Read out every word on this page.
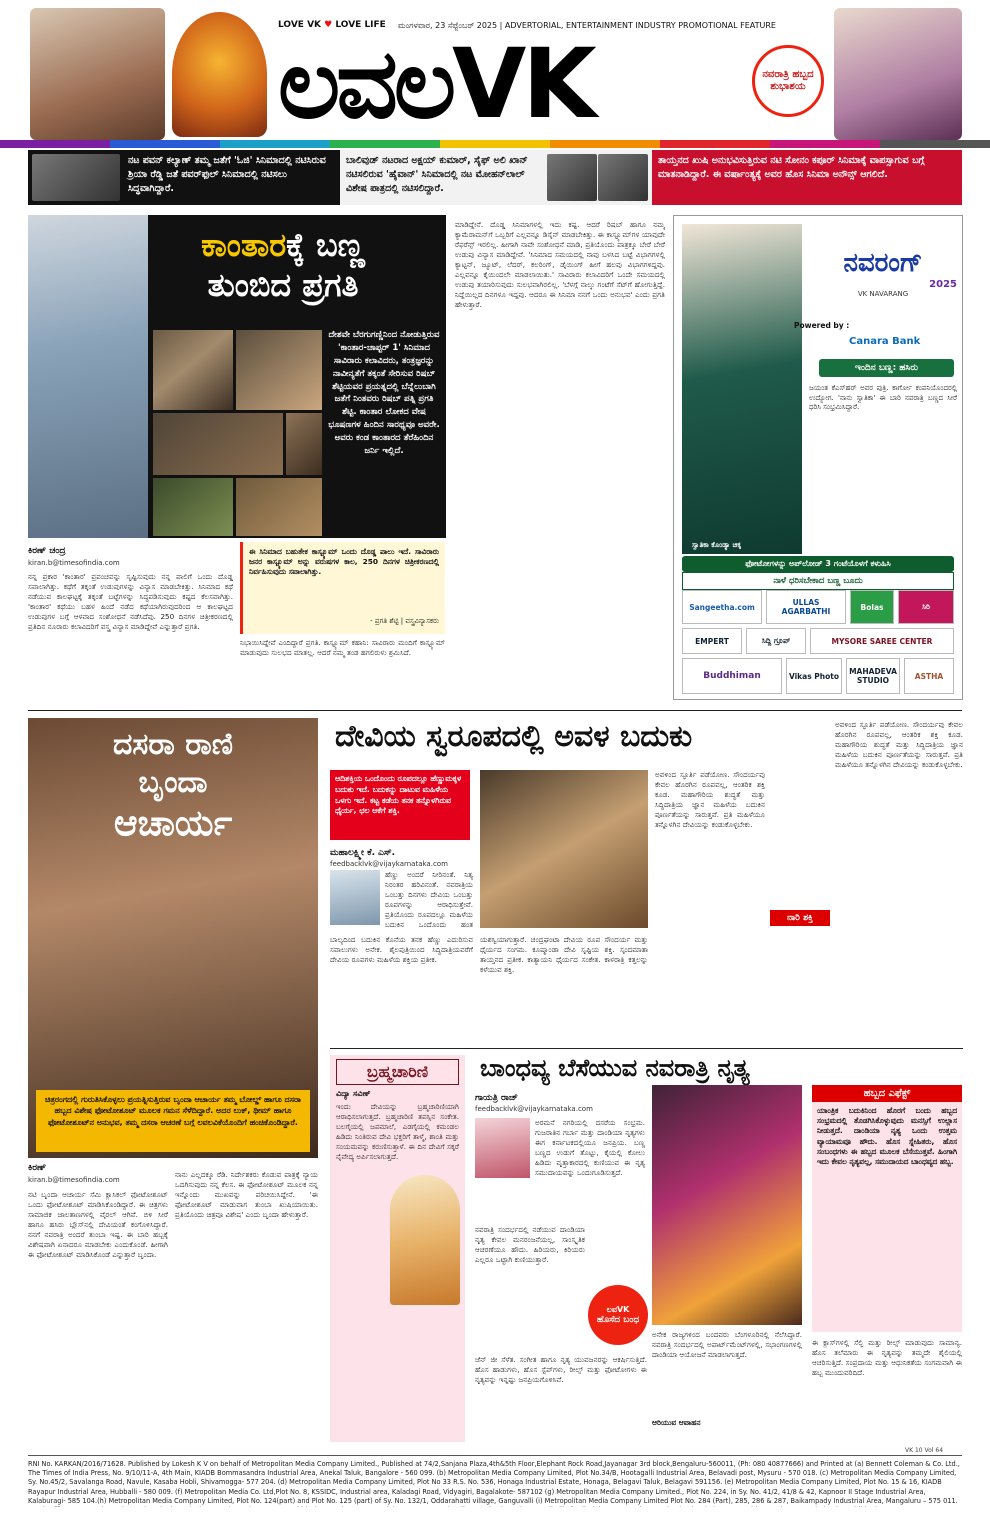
LOVE VK ♥ LOVE LIFE ಮಂಗಳವಾರ, 23 ಸೆಪ್ಟೆಂಬರ್ 2025 | ADVERTORIAL, ENTERTAINMENT INDUSTRY PROMOTIONAL FEATURE
ಲವಲVK	ನವರಾತ್ರಿ ಹಬ್ಬದ ಶುಭಾಶಯ
ನಟ ಪವನ್ ಕಲ್ಯಾಣ್ ತಮ್ಮ ಜತೆಗೆ 'ಓಜಿ' ಸಿನಿಮಾದಲ್ಲಿ ನಟಿಸಿರುವ ಶ್ರಿಯಾ ರೆಡ್ಡಿ ಜತೆ ಪವರ್‌ಫುಲ್ ಸಿನಿಮಾದಲ್ಲಿ ನಟಿಸಲು ಸಿದ್ಧವಾಗಿದ್ದಾರೆ.
ಬಾಲಿವುಡ್ ನಟರಾದ ಅಕ್ಷಯ್ ಕುಮಾರ್, ಸೈಫ್ ಅಲಿ ಖಾನ್ ನಟಿಸಲಿರುವ 'ಹೈವಾನ್' ಸಿನಿಮಾದಲ್ಲಿ ನಟ ಮೋಹನ್‌ಲಾಲ್ ವಿಶೇಷ ಪಾತ್ರದಲ್ಲಿ ನಟಿಸಲಿದ್ದಾರೆ.
ತಾಯ್ತನದ ಖುಷಿ ಅನುಭವಿಸುತ್ತಿರುವ ನಟಿ ಸೋನಂ ಕಪೂರ್ ಸಿನಿಮಾಕ್ಕೆ ವಾಪಸ್ಸಾಗುವ ಬಗ್ಗೆ ಮಾತನಾಡಿದ್ದಾರೆ. ಈ ವರ್ಷಾಂತ್ಯಕ್ಕೆ ಅವರ ಹೊಸ ಸಿನಿಮಾ ಅನೌನ್ಸ್ ಆಗಲಿದೆ.
ಕಾಂತಾರಕ್ಕೆ ಬಣ್ಣ
ತುಂಬಿದ ಪ್ರಗತಿ
ದೇಶವೇ ಬೆರಗುಗಣ್ಣಿನಿಂದ ನೋಡುತ್ತಿರುವ 'ಕಾಂತಾರ-ಚಾಪ್ಟರ್ 1' ಸಿನಿಮಾದ ಸಾವಿರಾರು ಕಲಾವಿದರು, ತಂತ್ರಜ್ಞರನ್ನು ನಾವೀನ್ಯತೆಗೆ ತಕ್ಕಂತೆ ಸೇರಿಸುವ ರಿಷಬ್ ಶೆಟ್ಟಿಯವರ ಪ್ರಯತ್ನದಲ್ಲಿ ಬೆನ್ನೆಲುಬಾಗಿ ಜತೆಗೆ ನಿಂತವರು ರಿಷಬ್ ಪತ್ನಿ ಪ್ರಗತಿ ಶೆಟ್ಟಿ. ಕಾಂತಾರ ಲೋಕದ ವೇಷ ಭೂಷಣಗಳ ಹಿಂದಿನ ಸಾರಥ್ಯವೂ ಅವರೇ. ಅವರು ಕಂಡ ಕಾಂತಾರದ ತೆರೆಹಿಂದಿನ ಜರ್ನಿ ಇಲ್ಲಿದೆ.
ಕಿರಣ್ ಚಂದ್ರ
kiran.b@timesofindia.com
ನನ್ನ ಪ್ರಕಾರ 'ಕಾಂತಾರ' ಪ್ರಪಂಚವನ್ನು ಸೃಷ್ಟಿಸುವುದು ನನ್ನ ಪಾಲಿಗೆ ಒಂದು ದೊಡ್ಡ ಸವಾಲಾಗಿತ್ತು. ಕಥೆಗೆ ತಕ್ಕಂತೆ ಉಡುಪುಗಳನ್ನು ವಿನ್ಯಾಸ ಮಾಡಬೇಕಿತ್ತು. ಸಿನಿಮಾದ ಕಥೆ ನಡೆಯುವ ಕಾಲಘಟ್ಟಕ್ಕೆ ತಕ್ಕಂತೆ ಬಟ್ಟೆಗಳನ್ನು ಸಿದ್ಧಪಡಿಸುವುದು ಕಷ್ಟದ ಕೆಲಸವಾಗಿತ್ತು. 'ಕಾಂತಾರ' ಕಥೆಯು ಬಹಳ ಹಿಂದೆ ನಡೆದ ಕಥೆಯಾಗಿರುವುದರಿಂದ ಆ ಕಾಲಘಟ್ಟದ ಉಡುಪುಗಳ ಬಗ್ಗೆ ಆಳವಾದ ಸಂಶೋಧನೆ ನಡೆಸಿದೆವು. 250 ದಿನಗಳ ಚಿತ್ರೀಕರಣದಲ್ಲಿ ಪ್ರತಿದಿನ ನೂರಾರು ಕಲಾವಿದರಿಗೆ ವಸ್ತ್ರ ವಿನ್ಯಾಸ ಮಾಡಿದ್ದೇವೆ ಎನ್ನುತ್ತಾರೆ ಪ್ರಗತಿ.
ಈ ಸಿನಿಮಾದ ಬಹುತೇಕ ಕಾಸ್ಟ್ಯೂಮ್ ಒಂದು ದೊಡ್ಡ ಪಾಲು ಇದೆ. ಸಾವಿರಾರು ಜನರ ಕಾಸ್ಟ್ಯೂಮ್ ಅನ್ನು ವರುಷಗಳ ಕಾಲ, 250 ದಿನಗಳ ಚಿತ್ರೀಕರಣದಲ್ಲಿ ನಿರ್ವಹಿಸುವುದು ಸವಾಲಾಗಿತ್ತು.
- ಪ್ರಗತಿ ಶೆಟ್ಟಿ | ವಸ್ತ್ರವಿನ್ಯಾಸಕರು
ನಿಭಾಯಿಸಿದ್ದೇವೆ ಎಂದಿದ್ದಾರೆ ಪ್ರಗತಿ. ಕಾಸ್ಟ್ಯೂಮ್ ಕಹಾನಿ: ಸಾವಿರಾರು ಮಂದಿಗೆ ಕಾಸ್ಟ್ಯೂಮ್ ಮಾಡುವುದು ಸುಲಭದ ಮಾತಲ್ಲ. ಆದರೆ ನಮ್ಮ ತಂಡ ಹಗಲಿರುಳು ಶ್ರಮಿಸಿದೆ.
ಮಾಡಿದ್ದೇನೆ. ದೊಡ್ಡ ಸಿನಿಮಾಗಳಲ್ಲಿ ಇದು ಕಷ್ಟ. ಆದರೆ ರಿಷಬ್ ಹಾಗೂ ನಮ್ಮ ಕ್ಯಾಮೆರಾಮನ್‌ಗೆ ಒಬ್ಬರಿಗೆ ಎಲ್ಲವನ್ನೂ ಡಿಸೈನ್ ಮಾಡಬೇಕಿತ್ತು. ಈ ಕಾಸ್ಟ್ಯೂಮ್‌ಗಳ ಯಾವುದೇ ರೆಫರೆನ್ಸ್ ಇರಲಿಲ್ಲ. ಹೀಗಾಗಿ ನಾವೇ ಸಂಶೋಧನೆ ಮಾಡಿ, ಪ್ರತಿಯೊಂದು ಪಾತ್ರಕ್ಕೂ ಬೇರೆ ಬೇರೆ ಉಡುಪು ವಿನ್ಯಾಸ ಮಾಡಿದ್ದೇವೆ. 'ಸಿನಿಮಾದ ಸಮಯದಲ್ಲಿ ನಾವು ಬಳಸಿದ ಬಟ್ಟೆ ವಿಭಾಗಗಳಲ್ಲಿ ಕ್ಯಾಟ್ಟನ್, ಜ್ಯೂಟ್, ಲೆದರ್, ಕಲರಿಂಗ್, ಡೈಯಿಂಗ್ ಹೀಗೆ ಹಲವು ವಿಭಾಗಗಳಿದ್ದವು. ಎಲ್ಲವನ್ನೂ ಕೈಯಿಂದಲೇ ಮಾಡಲಾಯಿತು.' ಸಾವಿರಾರು ಕಲಾವಿದರಿಗೆ ಒಂದೇ ಸಮಯದಲ್ಲಿ ಉಡುಪು ತಯಾರಿಸುವುದು ಸುಲಭವಾಗಿರಲಿಲ್ಲ. 'ಬೆಳಗ್ಗೆ ನಾಲ್ಕು ಗಂಟೆಗೆ ಸೆಟ್‌ಗೆ ಹೋಗುತ್ತಿದ್ದೆ. ನಿದ್ದೆಯಿಲ್ಲದ ದಿನಗಳೂ ಇದ್ದವು. ಆದರೂ ಈ ಸಿನಿಮಾ ನನಗೆ ಒಂದು ಅನುಭವ' ಎಂದು ಪ್ರಗತಿ ಹೇಳುತ್ತಾರೆ.
ನವರಂಗ್
2025
VK NAVARANG
Powered by :
Canara Bank
ಇಂದಿನ ಬಣ್ಣ: ಹಸಿರು
ಜಯಂತ ಕೆಎಸ್‌ಹರ್ ಅವರ ಪುತ್ರಿ. ಕಾರ್ಗೋ ಕಂಪನಿಯೊಂದರಲ್ಲಿ ಉದ್ಯೋಗ. 'ನಾನು ಸ್ವಾತಿಕಾ' ಈ ಬಾರಿ ನವರಾತ್ರಿ ಬಣ್ಣದ ಸೀರೆ ಧರಿಸಿ ಸಂಭ್ರಮಿಸಿದ್ದಾರೆ.
ಸ್ವಾತಿಕಾ ಕೊಂಡ್ಯಾ ಚಿಕ್ಕ
ಫೋಟೋಗಳನ್ನು ಅಪ್‌ಲೋಡ್ 3 ಗಂಟೆಯೊಳಗೆ ಕಳುಹಿಸಿ
ನಾಳೆ ಧರಿಸಬೇಕಾದ ಬಣ್ಣ ಬೂದು
Sangeetha.com	ULLAS AGARBATHI	Bolas	ಸಿರಿ
EMPERT	ಸಿದ್ದಿ ಗ್ರೂಪ್	MYSORE SAREE CENTER
Buddhiman	Vikas Photo	MAHADEVA STUDIO	ASTHA
ದಸರಾ ರಾಣಿ
ಬೃಂದಾ
ಆಚಾರ್ಯ
ಚಿತ್ರರಂಗದಲ್ಲಿ ಗುರುತಿಸಿಕೊಳ್ಳಲು ಪ್ರಯತ್ನಿಸುತ್ತಿರುವ ಬೃಂದಾ ಆಚಾರ್ಯ ತಮ್ಮ ಬೋಲ್ಡ್ ಹಾಗೂ ದಸರಾ ಹಬ್ಬದ ವಿಶೇಷ ಫೋಟೋಶೂಟ್ ಮೂಲಕ ಗಮನ ಸೆಳೆದಿದ್ದಾರೆ. ಅದರ ಲುಕ್, ಥೀಮ್ ಹಾಗೂ ಫೋಟೋಶೂಟ್‌ನ ಅನುಭವ, ತಮ್ಮ ದಸರಾ ಆಚರಣೆ ಬಗ್ಗೆ ಲವಲವಿಕೆಯೊಂದಿಗೆ ಹಂಚಿಕೊಂಡಿದ್ದಾರೆ.
ಕಿರಣ್
kiran.b@timesofindia.com
ನಟಿ ಬೃಂದಾ ಆಚಾರ್ಯ ಸೆಮಿ ಕ್ಲಾಸಿಕಲ್ ಫೋಟೋಶೂಟ್ ಒಂದು ಫೋಟೋಶೂಟ್ ಮಾಡಿಸಿಕೊಂಡಿದ್ದಾರೆ. ಈ ಚಿತ್ರಗಳು ಸಾಮಾಜಿಕ ಜಾಲತಾಣಗಳಲ್ಲಿ ವೈರಲ್ ಆಗಿವೆ. ಬಿಳಿ ಸೀರೆ ಹಾಗೂ ಹಸಿರು ಬ್ಲೌಸ್‌ನಲ್ಲಿ ದೇವಿಯಂತೆ ಕಂಗೊಳಿಸಿದ್ದಾರೆ. ನನಗೆ ನವರಾತ್ರಿ ಅಂದರೆ ತುಂಬಾ ಇಷ್ಟ. ಈ ಬಾರಿ ಹಬ್ಬಕ್ಕೆ ವಿಶೇಷವಾಗಿ ಏನಾದರೂ ಮಾಡಬೇಕು ಎಂದುಕೊಂಡೆ. ಹೀಗಾಗಿ ಈ ಫೋಟೋಶೂಟ್ ಮಾಡಿಸಿಕೊಂಡೆ ಎನ್ನುತ್ತಾರೆ ಬೃಂದಾ.
ನಾನು ಎಲ್ಲದಕ್ಕೂ ರೆಡಿ. ನಿರ್ದೇಶಕರು ಕೊಡುವ ಪಾತ್ರಕ್ಕೆ ನ್ಯಾಯ ಒದಗಿಸುವುದು ನನ್ನ ಕೆಲಸ. ಈ ಫೋಟೋಶೂಟ್ ಮೂಲಕ ನನ್ನ ಇನ್ನೊಂದು ಮುಖವನ್ನು ಪರಿಚಯಿಸಿದ್ದೇನೆ. 'ಈ ಫೋಟೋಶೂಟ್ ಮಾಡುವಾಗ ತುಂಬಾ ಖುಷಿಯಾಯಿತು. ಪ್ರತಿಯೊಂದು ಚಿತ್ರವೂ ವಿಶೇಷ' ಎಂದು ಬೃಂದಾ ಹೇಳುತ್ತಾರೆ.
ದೇವಿಯ ಸ್ವರೂಪದಲ್ಲಿ ಅವಳ ಬದುಕು
ಆದಿಶಕ್ತಿಯ ಒಂದೊಂದು ರೂಪದಲ್ಲೂ ಹೆಣ್ಣುಮಕ್ಕಳ ಬದುಕು ಇದೆ. ಬದುಕನ್ನು ದಾಟುವ ಮಹಿಳೆಯ ಒಳಗು ಇದೆ. ಕಟ್ಟ ಕಡೆಯ ತನಕ ತನ್ನೊಳಗಿರುವ ಧೈರ್ಯ, ಛಲ ಆಕೆಗೆ ಶಕ್ತಿ.
ಮಹಾಲಕ್ಷ್ಮೀ ಕೆ. ಎಸ್.
feedbacklvk@vijaykarnataka.com
ಹೆಣ್ಣು ಅಂದರೆ ನೀರಿನಂತೆ. ನಿತ್ಯ ನಿರಂತರ ಹರಿವಿನಂತೆ. ನವರಾತ್ರಿಯ ಒಂಬತ್ತು ದಿನಗಳು ದೇವಿಯ ಒಂಬತ್ತು ರೂಪಗಳನ್ನು ಆರಾಧಿಸುತ್ತೇವೆ. ಪ್ರತಿಯೊಂದು ರೂಪದಲ್ಲೂ ಮಹಿಳೆಯ ಬದುಕಿನ ಒಂದೊಂದು ಹಂತ
ಬಾಲ್ಯದಿಂದ ಬದುಕಿನ ಕೊನೆಯ ತನಕ ಹೆಣ್ಣು ಎದುರಿಸುವ ಸವಾಲುಗಳು ಅನೇಕ. ಶೈಲಪುತ್ರಿಯಿಂದ ಸಿದ್ಧಿದಾತ್ರಿಯವರೆಗೆ ದೇವಿಯ ರೂಪಗಳು ಮಹಿಳೆಯ ಶಕ್ತಿಯ ಪ್ರತೀಕ.
ಯಶಸ್ವಿಯಾಗುತ್ತಾರೆ. ಚಂದ್ರಘಂಟಾ ದೇವಿಯ ರೂಪ ಸೌಂದರ್ಯ ಮತ್ತು ಧೈರ್ಯದ ಸಂಗಮ. ಕೂಷ್ಮಾಂಡಾ ದೇವಿ ಸೃಷ್ಟಿಯ ಶಕ್ತಿ. ಸ್ಕಂದಮಾತಾ ತಾಯ್ತನದ ಪ್ರತೀಕ. ಕಾತ್ಯಾಯನಿ ಧೈರ್ಯದ ಸಂಕೇತ. ಕಾಳರಾತ್ರಿ ಕತ್ತಲನ್ನು ಕಳೆಯುವ ಶಕ್ತಿ.
ಅವಳಿಂದ ಸ್ಫೂರ್ತಿ ಪಡೆಯೋಣ. ಸೌಂದರ್ಯವು ಕೇವಲ ಹೊರಗಿನ ರೂಪವಲ್ಲ, ಆಂತರಿಕ ಶಕ್ತಿ ಕೂಡ. ಮಹಾಗೌರಿಯ ಶುದ್ಧತೆ ಮತ್ತು ಸಿದ್ಧಿದಾತ್ರಿಯ ಜ್ಞಾನ ಮಹಿಳೆಯ ಬದುಕಿನ ಪೂರ್ಣತೆಯನ್ನು ಸಾರುತ್ತವೆ. ಪ್ರತಿ ಮಹಿಳೆಯೂ ತನ್ನೊಳಗಿನ ದೇವಿಯನ್ನು ಕಂಡುಕೊಳ್ಳಬೇಕು.
ನಾರಿ ಶಕ್ತಿ
ಅವಳಿಂದ ಸ್ಫೂರ್ತಿ ಪಡೆಯೋಣ. ಸೌಂದರ್ಯವು ಕೇವಲ ಹೊರಗಿನ ರೂಪವಲ್ಲ, ಆಂತರಿಕ ಶಕ್ತಿ ಕೂಡ. ಮಹಾಗೌರಿಯ ಶುದ್ಧತೆ ಮತ್ತು ಸಿದ್ಧಿದಾತ್ರಿಯ ಜ್ಞಾನ ಮಹಿಳೆಯ ಬದುಕಿನ ಪೂರ್ಣತೆಯನ್ನು ಸಾರುತ್ತವೆ. ಪ್ರತಿ ಮಹಿಳೆಯೂ ತನ್ನೊಳಗಿನ ದೇವಿಯನ್ನು ಕಂಡುಕೊಳ್ಳಬೇಕು.
ಬ್ರಹ್ಮಚಾರಿಣಿ
ವಿದ್ಯಾ ಸವಿಣ್
ಇಂದು ದೇವಿಯನ್ನು ಬ್ರಹ್ಮಚಾರಿಣಿಯಾಗಿ ಆರಾಧಿಸಲಾಗುತ್ತದೆ. ಬ್ರಹ್ಮಚಾರಿಣಿ ತಪಸ್ಸಿನ ಸಂಕೇತ. ಬಲಗೈಯಲ್ಲಿ ಜಪಮಾಲೆ, ಎಡಗೈಯಲ್ಲಿ ಕಮಂಡಲ ಹಿಡಿದು ನಿಂತಿರುವ ದೇವಿ ಭಕ್ತರಿಗೆ ತಾಳ್ಮೆ, ಶಾಂತಿ ಮತ್ತು ಸಂಯಮವನ್ನು ಕರುಣಿಸುತ್ತಾಳೆ. ಈ ದಿನ ದೇವಿಗೆ ಸಕ್ಕರೆ ನೈವೇದ್ಯ ಅರ್ಪಿಸಲಾಗುತ್ತದೆ.
ಬಾಂಧವ್ಯ ಬೆಸೆಯುವ ನವರಾತ್ರಿ ನೃತ್ಯ
ಗಾಯತ್ರಿ ರಾಜ್
feedbacklvk@vijaykarnataka.com
ಅರಮನೆ ನಗರಿಯಲ್ಲಿ ದಸರೆಯ ಸಂಭ್ರಮ. ಗುಜರಾತಿನ ಗರ್ಬಾ ಮತ್ತು ದಾಂಡಿಯಾ ನೃತ್ಯಗಳು ಈಗ ಕರ್ನಾಟಕದಲ್ಲಿಯೂ ಜನಪ್ರಿಯ. ಬಣ್ಣ ಬಣ್ಣದ ಉಡುಗೆ ತೊಟ್ಟು, ಕೈಯಲ್ಲಿ ಕೋಲು ಹಿಡಿದು ವೃತ್ತಾಕಾರದಲ್ಲಿ ಕುಣಿಯುವ ಈ ನೃತ್ಯ ಸಮುದಾಯವನ್ನು ಒಂದುಗೂಡಿಸುತ್ತದೆ.
ನವರಾತ್ರಿ ಸಂದರ್ಭದಲ್ಲಿ ನಡೆಯುವ ದಾಂಡಿಯಾ ನೃತ್ಯ ಕೇವಲ ಮನರಂಜನೆಯಲ್ಲ, ಸಾಂಸ್ಕೃತಿಕ ಆಚರಣೆಯೂ ಹೌದು. ಹಿರಿಯರು, ಕಿರಿಯರು ಎಲ್ಲರೂ ಒಟ್ಟಾಗಿ ಕುಣಿಯುತ್ತಾರೆ.
ಲವVK
ಹೊಸೆದ ಬಂಧ
ಜೆನ್ ಜೀ ಸೆಳೆತ. ಸಂಗೀತ ಹಾಗೂ ನೃತ್ಯ ಯುವಜನರನ್ನು ಆಕರ್ಷಿಸುತ್ತಿದೆ. ಹೊಸ ಹಾಡುಗಳು, ಹೊಸ ಸ್ಟೆಪ್‌ಗಳು, ರೀಲ್ಸ್ ಮತ್ತು ಫೋಟೋಗಳು ಈ ನೃತ್ಯವನ್ನು ಇನ್ನಷ್ಟು ಜನಪ್ರಿಯಗೊಳಿಸಿವೆ.
ಅನೇಕ ರಾಜ್ಯಗಳಿಂದ ಬಂದವರು ಬೆಂಗಳೂರಿನಲ್ಲಿ ನೆಲೆಸಿದ್ದಾರೆ. ನವರಾತ್ರಿ ಸಂದರ್ಭದಲ್ಲಿ ಅಪಾರ್ಟ್‌ಮೆಂಟ್‌ಗಳಲ್ಲಿ, ಸಭಾಂಗಣಗಳಲ್ಲಿ ದಾಂಡಿಯಾ ಆಯೋಜನೆ ಮಾಡಲಾಗುತ್ತದೆ.
ಆರಿಯುವ ಆವಾಹನ
ಹಬ್ಬದ ಎಫೆಕ್ಟ್
ಯಾಂತ್ರಿಕ ಬದುಕಿನಿಂದ ಹೊರಗೆ ಬಂದು ಹಬ್ಬದ ಸಂಭ್ರಮದಲ್ಲಿ ತೊಡಗಿಸಿಕೊಳ್ಳುವುದು ಮನಸ್ಸಿಗೆ ಉಲ್ಲಾಸ ನೀಡುತ್ತದೆ. ದಾಂಡಿಯಾ ನೃತ್ಯ ಒಂದು ಉತ್ತಮ ವ್ಯಾಯಾಮವೂ ಹೌದು. ಹೊಸ ಸ್ನೇಹಿತರು, ಹೊಸ ಸಂಬಂಧಗಳು ಈ ಹಬ್ಬದ ಮೂಲಕ ಬೆಸೆಯುತ್ತವೆ. ಹಿಂಗಾಗಿ ಇದು ಕೇವಲ ನೃತ್ಯವಲ್ಲ, ಸಮುದಾಯದ ಬಾಂಧವ್ಯದ ಹಬ್ಬ.
ಈ ಕ್ಲಾಸ್‌ಗಳಲ್ಲಿ ಸೆಲ್ಫಿ ಮತ್ತು ರೀಲ್ಸ್ ಮಾಡುವುದು ಸಾಮಾನ್ಯ. ಹೊಸ ತಲೆಮಾರು ಈ ನೃತ್ಯವನ್ನು ತಮ್ಮದೇ ಶೈಲಿಯಲ್ಲಿ ಆಚರಿಸುತ್ತಿದೆ. ಸಂಪ್ರದಾಯ ಮತ್ತು ಆಧುನಿಕತೆಯ ಸಂಗಮವಾಗಿ ಈ ಹಬ್ಬ ಮುಂದುವರಿದಿದೆ.
RNI No. KARKAN/2016/71628. Published by Lokesh K V on behalf of Metropolitan Media Company Limited., Published at 74/2,Sanjana Plaza,4th&5th Floor,Elephant Rock Road,Jayanagar 3rd block,Bengaluru-560011, (Ph: 080 40877666) and Printed at (a) Bennett Coleman & Co. Ltd., The Times of India Press, No. 9/10/11-A, 4th Main, KIADB Bommasandra Industrial Area, Anekal Taluk, Bangalore - 560 099. (b) Metropolitan Media Company Limited, Plot No.34/B, Hootagalli Industrial Area, Belavadi post, Mysuru - 570 018. (c) Metropolitan Media Company Limited, Sy. No.45/2, Savalanga Road, Navule, Kasaba Hobli, Shivamogga- 577 204. (d) Metropolitan Media Company Limited, Plot No 33 R.S. No. 536, Honaga Industrial Estate, Honaga, Belagavi Taluk, Belagavi 591156. (e) Metropolitan Media Company Limited, Plot No. 15 & 16, KIADB Rayapur Industrial Area, Hubballi - 580 009. (f) Metropolitan Media Co. Ltd,Plot No. 8, KSSIDC, Industrial area, Kaladagi Road, Vidyagiri, Bagalakote- 587102 (g) Metropolitan Media Company Limited., Plot No. 224, in Sy. No. 41/2, 41/8 & 42, Kapnoor II Stage Industrial Area, Kalaburagi- 585 104.(h) Metropolitan Media Company Limited, Plot No. 124(part) and Plot No. 125 (part) of Sy. No. 132/1, Oddarahatti village, Ganguvalli (i) Metropolitan Media Company Limited Plot No. 284 (Part), 285, 286 & 287, Baikampady Industrial Area, Mangaluru – 575 011.
VK 10 Vol 64
